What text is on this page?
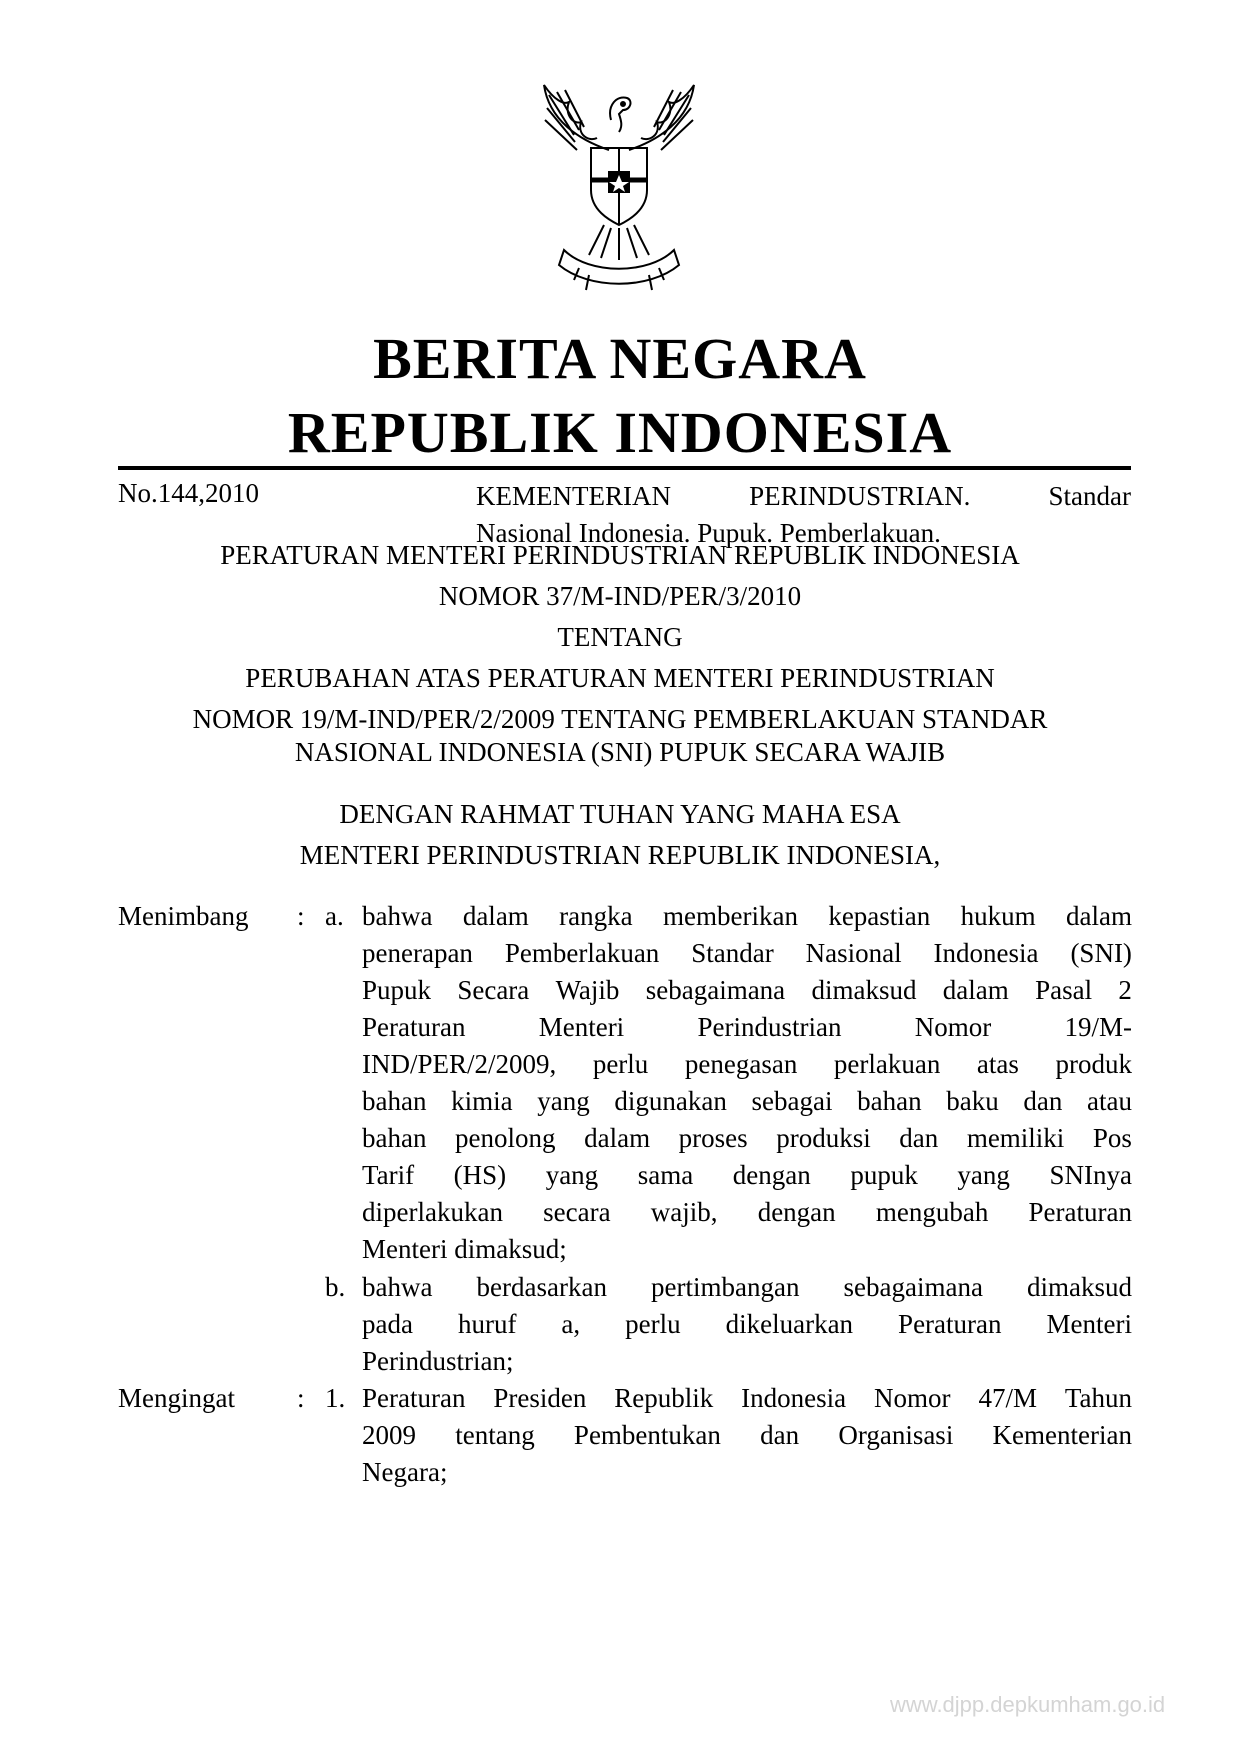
BERITA NEGARA
REPUBLIK INDONESIA
No.144,2010	KEMENTERIAN	PERINDUSTRIAN.	Standar
Nasional Indonesia. Pupuk. Pemberlakuan.
PERATURAN MENTERI PERINDUSTRIAN REPUBLIK INDONESIA
NOMOR 37/M-IND/PER/3/2010
TENTANG
PERUBAHAN ATAS PERATURAN MENTERI PERINDUSTRIAN
NOMOR 19/M-IND/PER/2/2009 TENTANG PEMBERLAKUAN STANDAR
NASIONAL INDONESIA (SNI) PUPUK SECARA WAJIB
DENGAN RAHMAT TUHAN YANG MAHA ESA
MENTERI PERINDUSTRIAN REPUBLIK INDONESIA,
Menimbang : a. bahwa dalam rangka memberikan kepastian hukum dalam
penerapan Pemberlakuan Standar Nasional Indonesia (SNI)
Pupuk Secara Wajib sebagaimana dimaksud dalam Pasal 2
Peraturan	Menteri	Perindustrian	Nomor	19/M-
IND/PER/2/2009, perlu penegasan perlakuan atas produk
bahan kimia yang digunakan sebagai bahan baku dan atau
bahan penolong dalam proses produksi dan memiliki Pos
Tarif (HS) yang sama dengan pupuk yang SNInya
diperlakukan secara wajib, dengan mengubah Peraturan
Menteri dimaksud;
b. bahwa berdasarkan pertimbangan sebagaimana dimaksud
pada huruf a, perlu dikeluarkan Peraturan Menteri
Perindustrian;
Mengingat : 1. Peraturan Presiden Republik Indonesia Nomor 47/M Tahun
2009 tentang Pembentukan dan Organisasi Kementerian
Negara;
www.djpp.depkumham.go.id
